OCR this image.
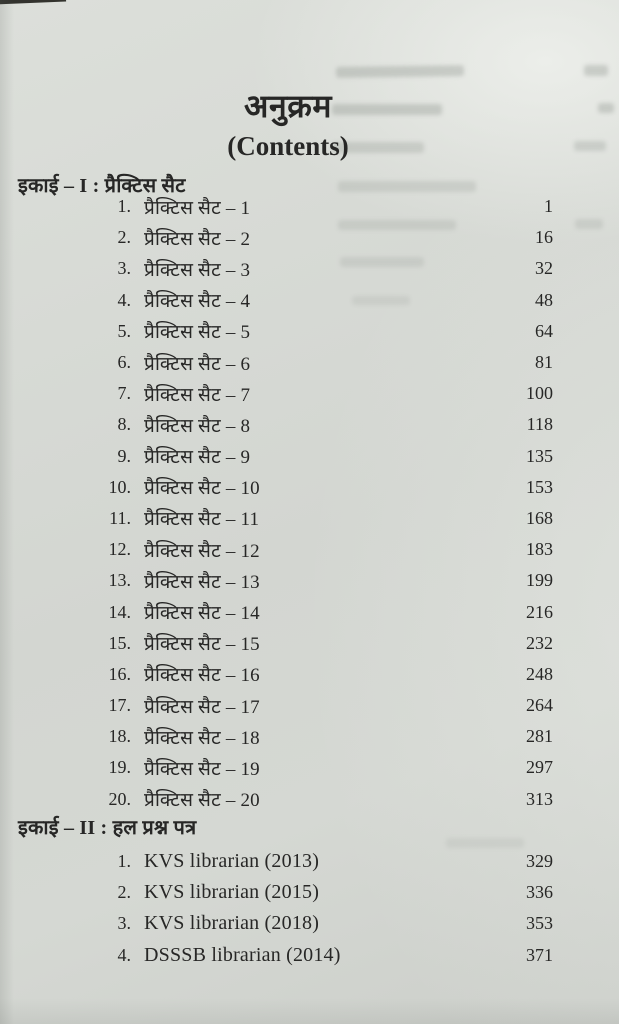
अनुक्रम
(Contents)
इकाई – I : प्रैक्टिस सैट
1. प्रैक्टिस सैट – 1	1
2. प्रैक्टिस सैट – 2	16
3. प्रैक्टिस सैट – 3	32
4. प्रैक्टिस सैट – 4	48
5. प्रैक्टिस सैट – 5	64
6. प्रैक्टिस सैट – 6	81
7. प्रैक्टिस सैट – 7	100
8. प्रैक्टिस सैट – 8	118
9. प्रैक्टिस सैट – 9	135
10. प्रैक्टिस सैट – 10	153
11. प्रैक्टिस सैट – 11	168
12. प्रैक्टिस सैट – 12	183
13. प्रैक्टिस सैट – 13	199
14. प्रैक्टिस सैट – 14	216
15. प्रैक्टिस सैट – 15	232
16. प्रैक्टिस सैट – 16	248
17. प्रैक्टिस सैट – 17	264
18. प्रैक्टिस सैट – 18	281
19. प्रैक्टिस सैट – 19	297
20. प्रैक्टिस सैट – 20	313
इकाई – II : हल प्रश्न पत्र
1. KVS librarian (2013)	329
2. KVS librarian (2015)	336
3. KVS librarian (2018)	353
4. DSSSB librarian (2014)	371
